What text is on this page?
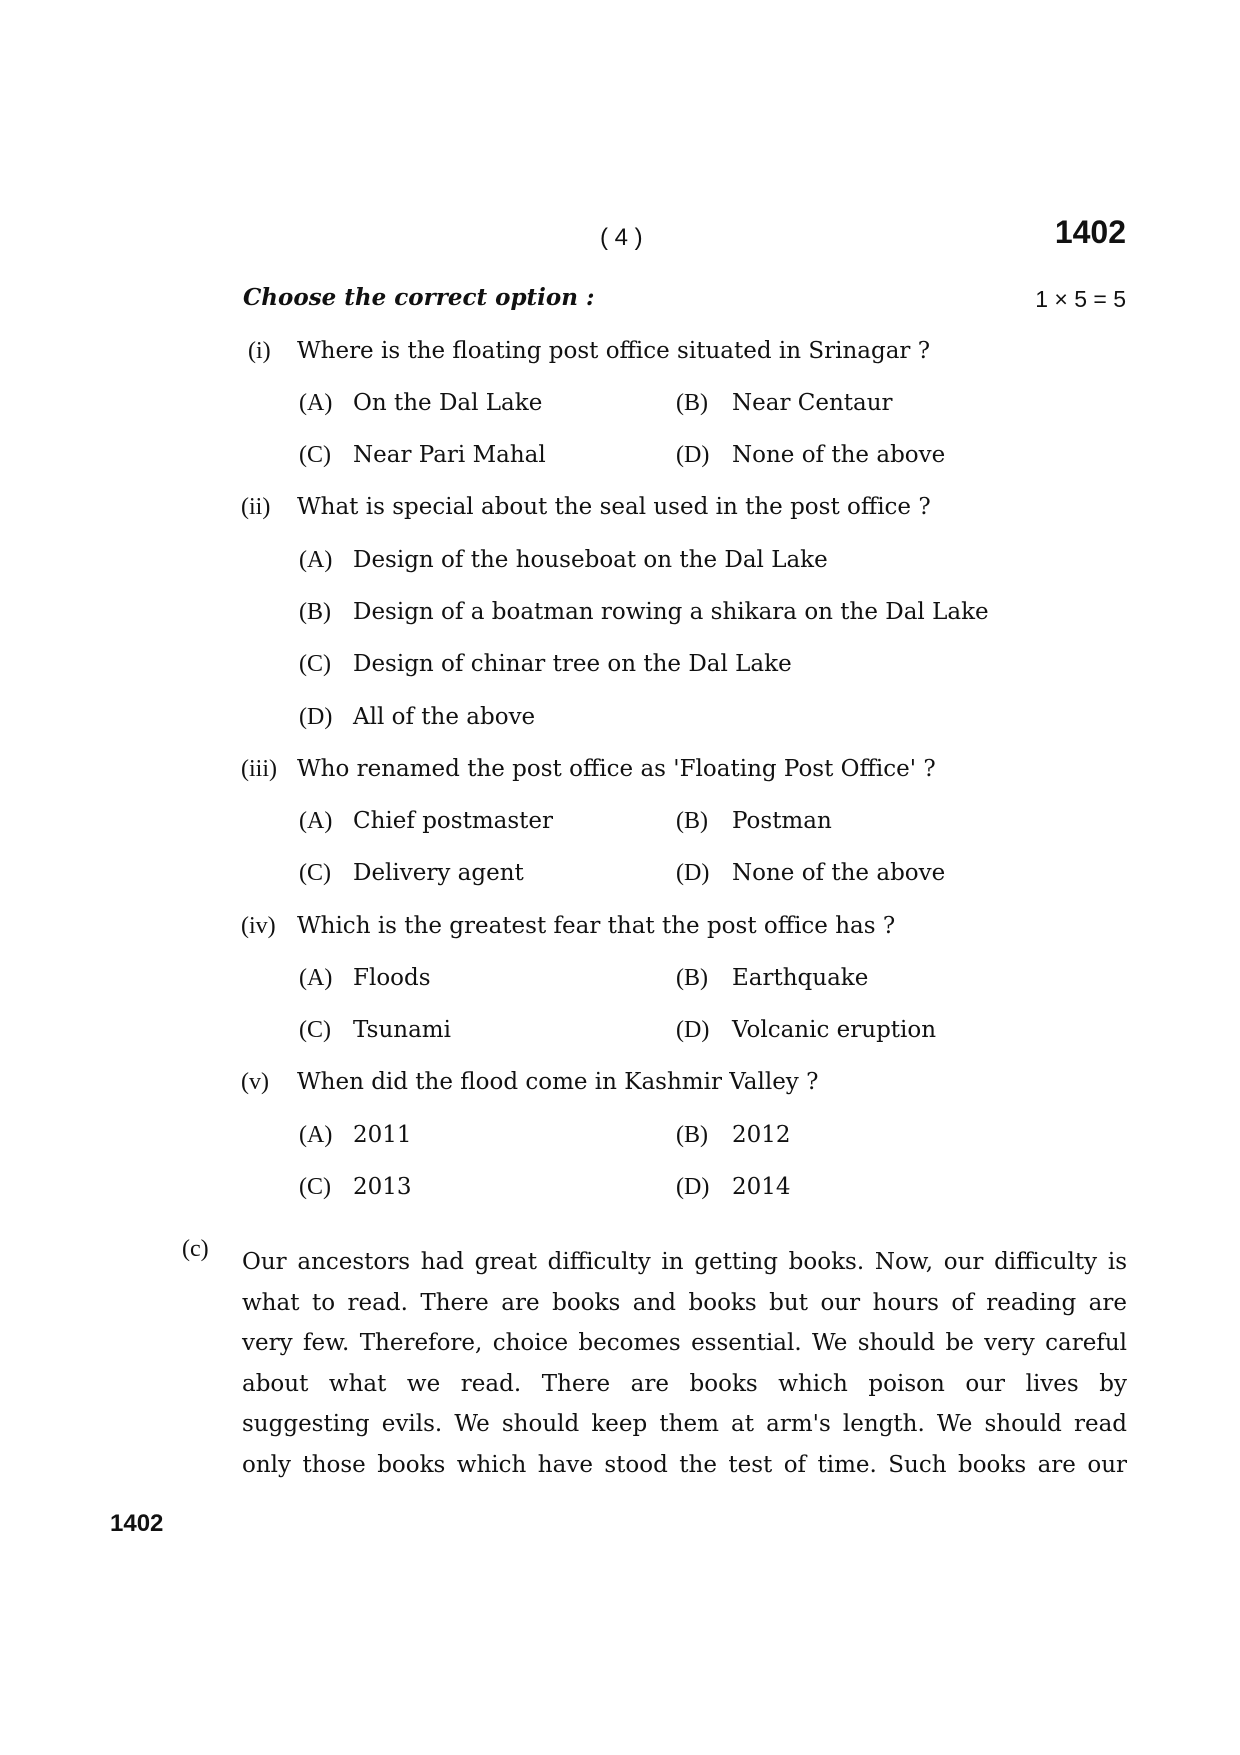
( 4 )	1402
Choose the correct option :	1 × 5 = 5
(i) Where is the floating post office situated in Srinagar ?
(A) On the Dal Lake	(B) Near Centaur
(C) Near Pari Mahal	(D) None of the above
(ii) What is special about the seal used in the post office ?
(A) Design of the houseboat on the Dal Lake
(B) Design of a boatman rowing a shikara on the Dal Lake
(C) Design of chinar tree on the Dal Lake
(D) All of the above
(iii) Who renamed the post office as 'Floating Post Office' ?
(A) Chief postmaster	(B) Postman
(C) Delivery agent	(D) None of the above
(iv) Which is the greatest fear that the post office has ?
(A) Floods	(B) Earthquake
(C) Tsunami	(D) Volcanic eruption
(v) When did the flood come in Kashmir Valley ?
(A) 2011	(B) 2012
(C) 2013	(D) 2014
(c) Our ancestors had great difficulty in getting books. Now, our difficulty is
what to read. There are books and books but our hours of reading are
very few. Therefore, choice becomes essential. We should be very careful
about what we read. There are books which poison our lives by
suggesting evils. We should keep them at arm's length. We should read
only those books which have stood the test of time. Such books are our
1402
